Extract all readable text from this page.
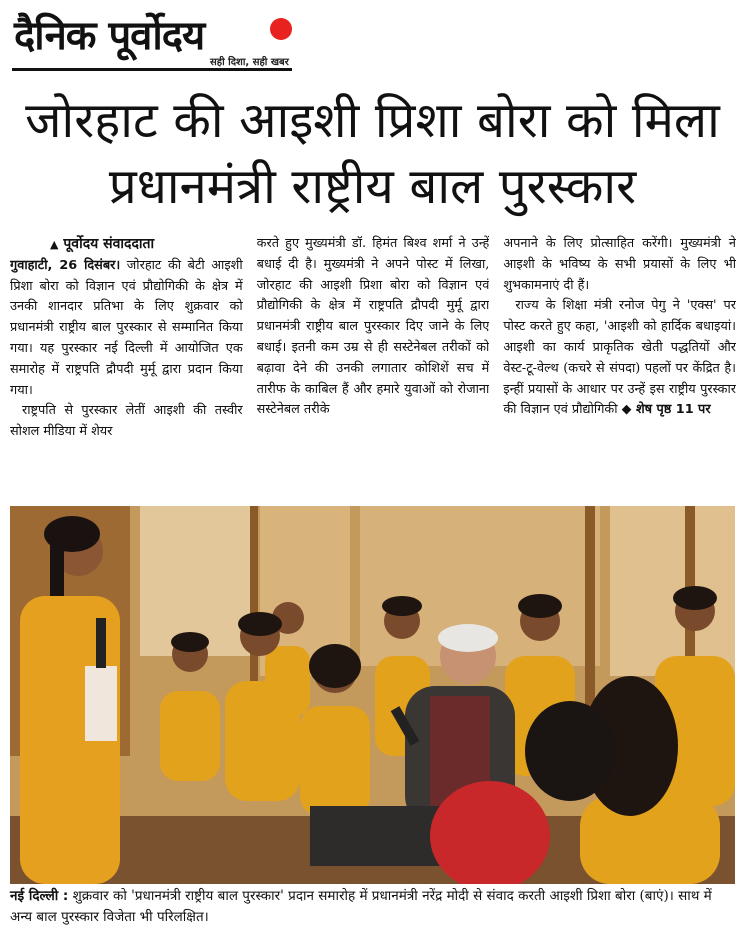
दैनिक पूर्वोदय
सही दिशा, सही खबर
जोरहाट की आइशी प्रिशा बोरा को मिला प्रधानमंत्री राष्ट्रीय बाल पुरस्कार
▲ पूर्वोदय संवाददाता

गुवाहाटी, 26 दिसंबर। जोरहाट की बेटी आइशी प्रिशा बोरा को विज्ञान एवं प्रौद्योगिकी के क्षेत्र में उनकी शानदार प्रतिभा के लिए शुक्रवार को प्रधानमंत्री राष्ट्रीय बाल पुरस्कार से सम्मानित किया गया। यह पुरस्कार नई दिल्ली में आयोजित एक समारोह में राष्ट्रपति द्रौपदी मुर्मू द्वारा प्रदान किया गया।

राष्ट्रपति से पुरस्कार लेतीं आइशी की तस्वीर सोशल मीडिया में शेयर

करते हुए मुख्यमंत्री डॉ. हिमंत बिश्व शर्मा ने उन्हें बधाई दी है। मुख्यमंत्री ने अपने पोस्ट में लिखा, जोरहाट की आइशी प्रिशा बोरा को विज्ञान एवं प्रौद्योगिकी के क्षेत्र में राष्ट्रपति द्रौपदी मुर्मू द्वारा प्रधानमंत्री राष्ट्रीय बाल पुरस्कार दिए जाने के लिए बधाई। इतनी कम उम्र से ही सस्टेनेबल तरीकों को बढ़ावा देने की उनकी लगातार कोशिशें सच में तारीफ के काबिल हैं और हमारे युवाओं को रोजाना सस्टेनेबल तरीके

अपनाने के लिए प्रोत्साहित करेंगी। मुख्यमंत्री ने आइशी के भविष्य के सभी प्रयासों के लिए भी शुभकामनाएं दी हैं।

राज्य के शिक्षा मंत्री रनोज पेगु ने 'एक्स' पर पोस्ट करते हुए कहा, 'आइशी को हार्दिक बधाइयां। आइशी का कार्य प्राकृतिक खेती पद्धतियों और वेस्ट-टू-वेल्थ (कचरे से संपदा) पहलों पर केंद्रित है। इन्हीं प्रयासों के आधार पर उन्हें इस राष्ट्रीय पुरस्कार की विज्ञान एवं प्रौद्योगिकी ◆ शेष पृष्ठ 11 पर

नई दिल्ली : शुक्रवार को 'प्रधानमंत्री राष्ट्रीय बाल पुरस्कार' प्रदान समारोह में प्रधानमंत्री नरेंद्र मोदी से संवाद करती आइशी प्रिशा बोरा (बाएं)। साथ में अन्य बाल पुरस्कार विजेता भी परिलक्षित।
